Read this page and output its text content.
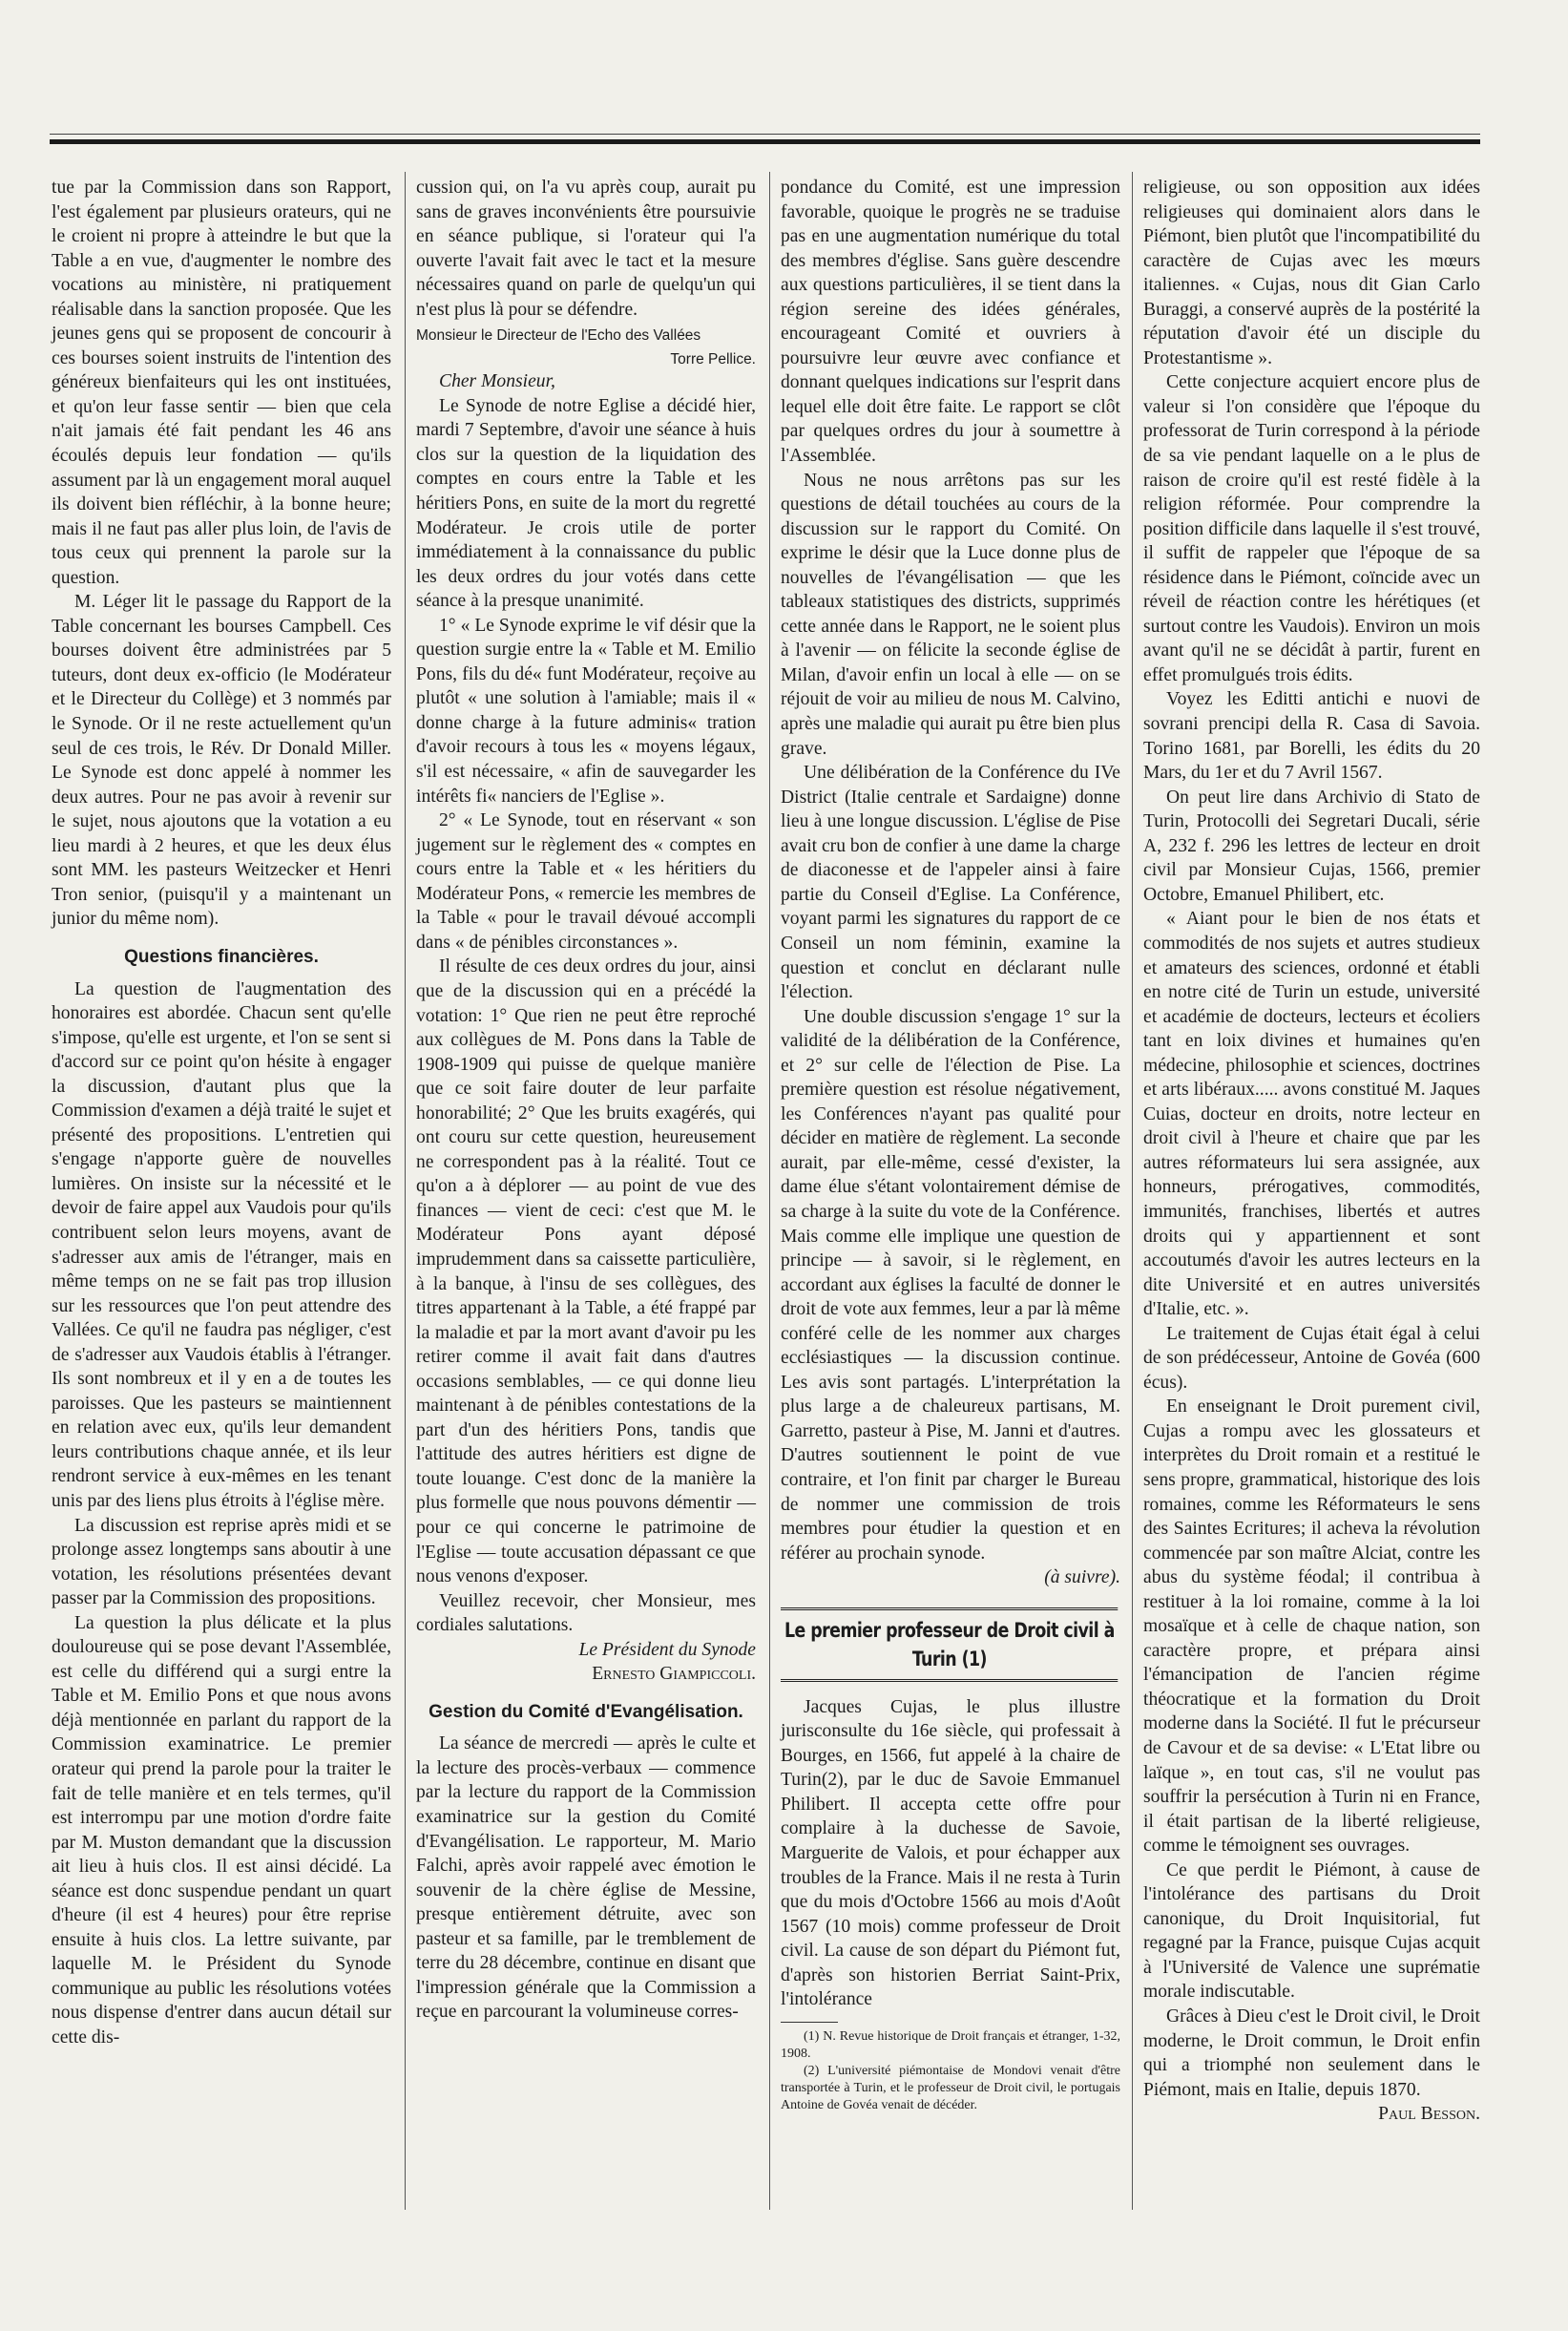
tue par la Commission dans son Rapport, l'est également par plusieurs orateurs, qui ne le croient ni propre à atteindre le but que la Table a en vue, d'augmenter le nombre des vocations au ministère, ni pratiquement réalisable dans la sanction proposée. Que les jeunes gens qui se proposent de concourir à ces bourses soient instruits de l'intention des généreux bienfaiteurs qui les ont instituées, et qu'on leur fasse sentir — bien que cela n'ait jamais été fait pendant les 46 ans écoulés depuis leur fondation — qu'ils assument par là un engagement moral auquel ils doivent bien réfléchir, à la bonne heure; mais il ne faut pas aller plus loin, de l'avis de tous ceux qui prennent la parole sur la question.

M. Léger lit le passage du Rapport de la Table concernant les bourses Campbell. Ces bourses doivent être administrées par 5 tuteurs, dont deux ex-officio (le Modérateur et le Directeur du Collège) et 3 nommés par le Synode. Or il ne reste actuellement qu'un seul de ces trois, le Rév. Dr Donald Miller. Le Synode est donc appelé à nommer les deux autres. Pour ne pas avoir à revenir sur le sujet, nous ajoutons que la votation a eu lieu mardi à 2 heures, et que les deux élus sont MM. les pasteurs Weitzecker et Henri Tron senior, (puisqu'il y a maintenant un junior du même nom).

Questions financières.

La question de l'augmentation des honoraires est abordée. Chacun sent qu'elle s'impose, qu'elle est urgente, et l'on se sent si d'accord sur ce point qu'on hésite à engager la discussion, d'autant plus que la Commission d'examen a déjà traité le sujet et présenté des propositions. L'entretien qui s'engage n'apporte guère de nouvelles lumières. On insiste sur la nécessité et le devoir de faire appel aux Vaudois pour qu'ils contribuent selon leurs moyens, avant de s'adresser aux amis de l'étranger, mais en même temps on ne se fait pas trop illusion sur les ressources que l'on peut attendre des Vallées. Ce qu'il ne faudra pas négliger, c'est de s'adresser aux Vaudois établis à l'étranger. Ils sont nombreux et il y en a de toutes les paroisses. Que les pasteurs se maintiennent en relation avec eux, qu'ils leur demandent leurs contributions chaque année, et ils leur rendront service à eux-mêmes en les tenant unis par des liens plus étroits à l'église mère.

La discussion est reprise après midi et se prolonge assez longtemps sans aboutir à une votation, les résolutions présentées devant passer par la Commission des propositions.

La question la plus délicate et la plus douloureuse qui se pose devant l'Assemblée, est celle du différend qui a surgi entre la Table et M. Emilio Pons et que nous avons déjà mentionnée en parlant du rapport de la Commission examinatrice. Le premier orateur qui prend la parole pour la traiter le fait de telle manière et en tels termes, qu'il est interrompu par une motion d'ordre faite par M. Muston demandant que la discussion ait lieu à huis clos. Il est ainsi décidé. La séance est donc suspendue pendant un quart d'heure (il est 4 heures) pour être reprise ensuite à huis clos. La lettre suivante, par laquelle M. le Président du Synode communique au public les résolutions votées nous dispense d'entrer dans aucun détail sur cette dis-

cussion qui, on l'a vu après coup, aurait pu sans de graves inconvénients être poursuivie en séance publique, si l'orateur qui l'a ouverte l'avait fait avec le tact et la mesure nécessaires quand on parle de quelqu'un qui n'est plus là pour se défendre.

Monsieur le Directeur de l'Echo des Vallées

Torre Pellice.

Cher Monsieur,

Le Synode de notre Eglise a décidé hier, mardi 7 Septembre, d'avoir une séance à huis clos sur la question de la liquidation des comptes en cours entre la Table et les héritiers Pons, en suite de la mort du regretté Modérateur. Je crois utile de porter immédiatement à la connaissance du public les deux ordres du jour votés dans cette séance à la presque unanimité.

1° « Le Synode exprime le vif désir que la question surgie entre la « Table et M. Emilio Pons, fils du dé« funt Modérateur, reçoive au plutôt « une solution à l'amiable; mais il « donne charge à la future adminis« tration d'avoir recours à tous les « moyens légaux, s'il est nécessaire, « afin de sauvegarder les intérêts fi« nanciers de l'Eglise ».

2° « Le Synode, tout en réservant « son jugement sur le règlement des « comptes en cours entre la Table et « les héritiers du Modérateur Pons, « remercie les membres de la Table « pour le travail dévoué accompli dans « de pénibles circonstances ».

Il résulte de ces deux ordres du jour, ainsi que de la discussion qui en a précédé la votation: 1° Que rien ne peut être reproché aux collègues de M. Pons dans la Table de 1908-1909 qui puisse de quelque manière que ce soit faire douter de leur parfaite honorabilité; 2° Que les bruits exagérés, qui ont couru sur cette question, heureusement ne correspondent pas à la réalité. Tout ce qu'on a à déplorer — au point de vue des finances — vient de ceci: c'est que M. le Modérateur Pons ayant déposé imprudemment dans sa caissette particulière, à la banque, à l'insu de ses collègues, des titres appartenant à la Table, a été frappé par la maladie et par la mort avant d'avoir pu les retirer comme il avait fait dans d'autres occasions semblables, — ce qui donne lieu maintenant à de pénibles contestations de la part d'un des héritiers Pons, tandis que l'attitude des autres héritiers est digne de toute louange. C'est donc de la manière la plus formelle que nous pouvons démentir — pour ce qui concerne le patrimoine de l'Eglise — toute accusation dépassant ce que nous venons d'exposer.

Veuillez recevoir, cher Monsieur, mes cordiales salutations.

Le Président du Synode

Ernesto Giampiccoli.

Gestion du Comité d'Evangélisation.

La séance de mercredi — après le culte et la lecture des procès-verbaux — commence par la lecture du rapport de la Commission examinatrice sur la gestion du Comité d'Evangélisation. Le rapporteur, M. Mario Falchi, après avoir rappelé avec émotion le souvenir de la chère église de Messine, presque entièrement détruite, avec son pasteur et sa famille, par le tremblement de terre du 28 décembre, continue en disant que l'impression générale que la Commission a reçue en parcourant la volumineuse corres-

pondance du Comité, est une impression favorable, quoique le progrès ne se traduise pas en une augmentation numérique du total des membres d'église. Sans guère descendre aux questions particulières, il se tient dans la région sereine des idées générales, encourageant Comité et ouvriers à poursuivre leur œuvre avec confiance et donnant quelques indications sur l'esprit dans lequel elle doit être faite. Le rapport se clôt par quelques ordres du jour à soumettre à l'Assemblée.

Nous ne nous arrêtons pas sur les questions de détail touchées au cours de la discussion sur le rapport du Comité. On exprime le désir que la Luce donne plus de nouvelles de l'évangélisation — que les tableaux statistiques des districts, supprimés cette année dans le Rapport, ne le soient plus à l'avenir — on félicite la seconde église de Milan, d'avoir enfin un local à elle — on se réjouit de voir au milieu de nous M. Calvino, après une maladie qui aurait pu être bien plus grave.

Une délibération de la Conférence du IVe District (Italie centrale et Sardaigne) donne lieu à une longue discussion. L'église de Pise avait cru bon de confier à une dame la charge de diaconesse et de l'appeler ainsi à faire partie du Conseil d'Eglise. La Conférence, voyant parmi les signatures du rapport de ce Conseil un nom féminin, examine la question et conclut en déclarant nulle l'élection.

Une double discussion s'engage 1° sur la validité de la délibération de la Conférence, et 2° sur celle de l'élection de Pise. La première question est résolue négativement, les Conférences n'ayant pas qualité pour décider en matière de règlement. La seconde aurait, par elle-même, cessé d'exister, la dame élue s'étant volontairement démise de sa charge à la suite du vote de la Conférence. Mais comme elle implique une question de principe — à savoir, si le règlement, en accordant aux églises la faculté de donner le droit de vote aux femmes, leur a par là même conféré celle de les nommer aux charges ecclésiastiques — la discussion continue. Les avis sont partagés. L'interprétation la plus large a de chaleureux partisans, M. Garretto, pasteur à Pise, M. Janni et d'autres. D'autres soutiennent le point de vue contraire, et l'on finit par charger le Bureau de nommer une commission de trois membres pour étudier la question et en référer au prochain synode.

(à suivre).

Le premier professeur de Droit civil à Turin (1)

Jacques Cujas, le plus illustre jurisconsulte du 16e siècle, qui professait à Bourges, en 1566, fut appelé à la chaire de Turin(2), par le duc de Savoie Emmanuel Philibert. Il accepta cette offre pour complaire à la duchesse de Savoie, Marguerite de Valois, et pour échapper aux troubles de la France. Mais il ne resta à Turin que du mois d'Octobre 1566 au mois d'Août 1567 (10 mois) comme professeur de Droit civil. La cause de son départ du Piémont fut, d'après son historien Berriat Saint-Prix, l'intolérance

(1) N. Revue historique de Droit français et étranger, 1-32, 1908.

(2) L'université piémontaise de Mondovi venait d'être transportée à Turin, et le professeur de Droit civil, le portugais Antoine de Govéa venait de décéder.

religieuse, ou son opposition aux idées religieuses qui dominaient alors dans le Piémont, bien plutôt que l'incompatibilité du caractère de Cujas avec les mœurs italiennes. « Cujas, nous dit Gian Carlo Buraggi, a conservé auprès de la postérité la réputation d'avoir été un disciple du Protestantisme ».

Cette conjecture acquiert encore plus de valeur si l'on considère que l'époque du professorat de Turin correspond à la période de sa vie pendant laquelle on a le plus de raison de croire qu'il est resté fidèle à la religion réformée. Pour comprendre la position difficile dans laquelle il s'est trouvé, il suffit de rappeler que l'époque de sa résidence dans le Piémont, coïncide avec un réveil de réaction contre les hérétiques (et surtout contre les Vaudois). Environ un mois avant qu'il ne se décidât à partir, furent en effet promulgués trois édits.

Voyez les Editti antichi e nuovi de sovrani prencipi della R. Casa di Savoia. Torino 1681, par Borelli, les édits du 20 Mars, du 1er et du 7 Avril 1567.

On peut lire dans Archivio di Stato de Turin, Protocolli dei Segretari Ducali, série A, 232 f. 296 les lettres de lecteur en droit civil par Monsieur Cujas, 1566, premier Octobre, Emanuel Philibert, etc.

« Aiant pour le bien de nos états et commodités de nos sujets et autres studieux et amateurs des sciences, ordonné et établi en notre cité de Turin un estude, université et académie de docteurs, lecteurs et écoliers tant en loix divines et humaines qu'en médecine, philosophie et sciences, doctrines et arts libéraux..... avons constitué M. Jaques Cuias, docteur en droits, notre lecteur en droit civil à l'heure et chaire que par les autres réformateurs lui sera assignée, aux honneurs, prérogatives, commodités, immunités, franchises, libertés et autres droits qui y appartiennent et sont accoutumés d'avoir les autres lecteurs en la dite Université et en autres universités d'Italie, etc. ».

Le traitement de Cujas était égal à celui de son prédécesseur, Antoine de Govéa (600 écus).

En enseignant le Droit purement civil, Cujas a rompu avec les glossateurs et interprètes du Droit romain et a restitué le sens propre, grammatical, historique des lois romaines, comme les Réformateurs le sens des Saintes Ecritures; il acheva la révolution commencée par son maître Alciat, contre les abus du système féodal; il contribua à restituer à la loi romaine, comme à la loi mosaïque et à celle de chaque nation, son caractère propre, et prépara ainsi l'émancipation de l'ancien régime théocratique et la formation du Droit moderne dans la Société. Il fut le précurseur de Cavour et de sa devise: « L'Etat libre ou laïque », en tout cas, s'il ne voulut pas souffrir la persécution à Turin ni en France, il était partisan de la liberté religieuse, comme le témoignent ses ouvrages.

Ce que perdit le Piémont, à cause de l'intolérance des partisans du Droit canonique, du Droit Inquisitorial, fut regagné par la France, puisque Cujas acquit à l'Université de Valence une suprématie morale indiscutable.

Grâces à Dieu c'est le Droit civil, le Droit moderne, le Droit commun, le Droit enfin qui a triomphé non seulement dans le Piémont, mais en Italie, depuis 1870.

Paul Besson.
